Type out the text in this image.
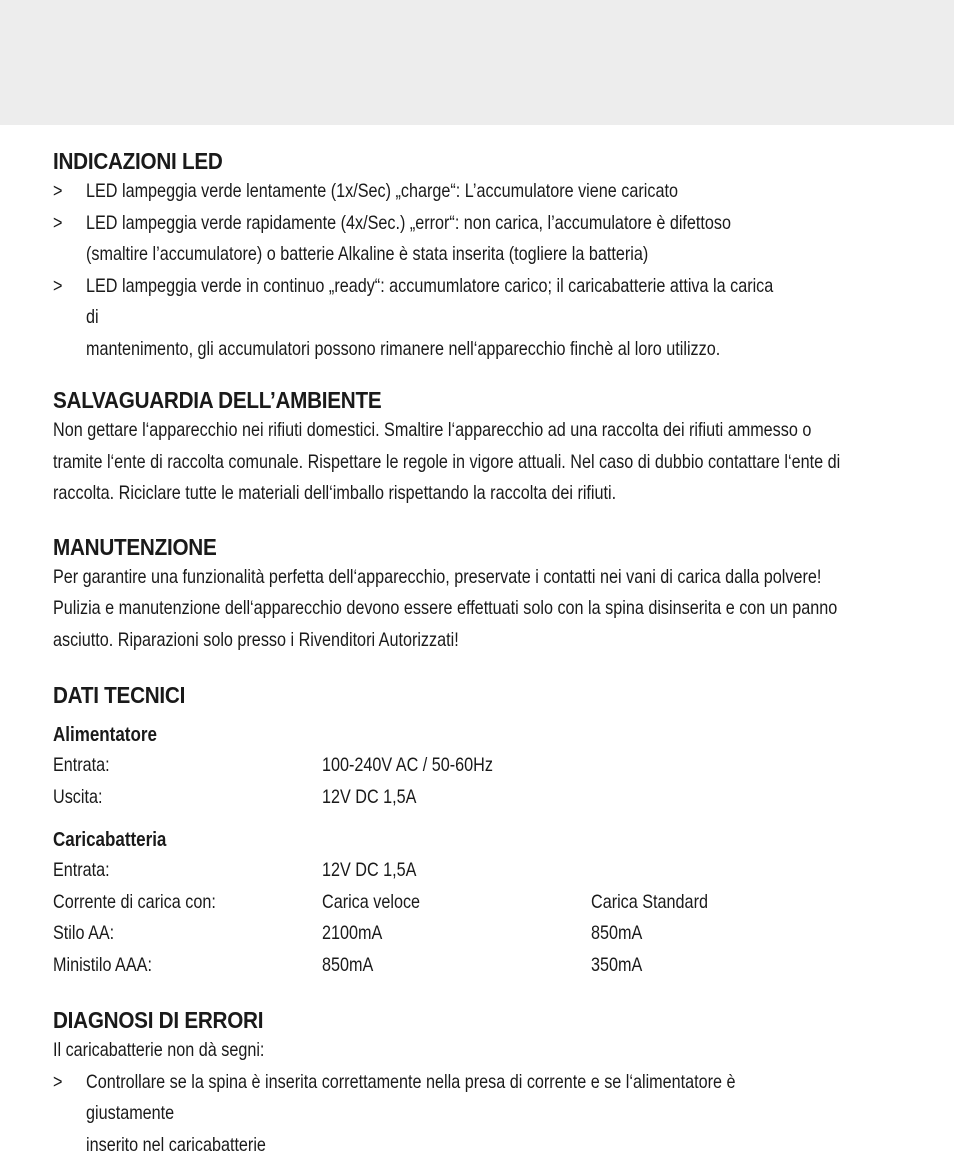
INDICAZIONI LED
>	LED lampeggia verde lentamente (1x/Sec) „charge“: L’accumulatore viene caricato
>	LED lampeggia verde rapidamente (4x/Sec.) „error“: non carica, l’accumulatore è difettoso
(smaltire l’accumulatore) o batterie Alkaline è stata inserita (togliere la batteria)
>	LED lampeggia verde in continuo „ready“: accumumlatore carico; il caricabatterie attiva la carica di
mantenimento, gli accumulatori possono rimanere nell‘apparecchio finchè al loro utilizzo.
SALVAGUARDIA DELL’AMBIENTE
Non gettare l‘apparecchio nei rifiuti domestici. Smaltire l‘apparecchio ad una raccolta dei rifiuti ammesso o
tramite l‘ente di raccolta comunale. Rispettare le regole in vigore attuali. Nel caso di dubbio contattare l‘ente di
raccolta. Riciclare tutte le materiali dell‘imballo rispettando la raccolta dei rifiuti.
MANUTENZIONE
Per garantire una funzionalità perfetta dell‘apparecchio, preservate i contatti nei vani di carica dalla polvere!
Pulizia e manutenzione dell‘apparecchio devono essere effettuati solo con la spina disinserita e con un panno
asciutto. Riparazioni solo presso i Rivenditori Autorizzati!
DATI TECNICI
Alimentatore
Entrata:	100-240V AC / 50-60Hz
Uscita:	12V DC 1,5A
Caricabatteria
Entrata:	12V DC 1,5A
Corrente di carica con:	Carica veloce	Carica Standard
Stilo AA:	2100mA	850mA
Ministilo AAA:	850mA	350mA
DIAGNOSI DI ERRORI
Il caricabatterie non dà segni:
>	Controllare se la spina è inserita correttamente nella presa di corrente e se l‘alimentatore è giustamente
inserito nel caricabatterie
